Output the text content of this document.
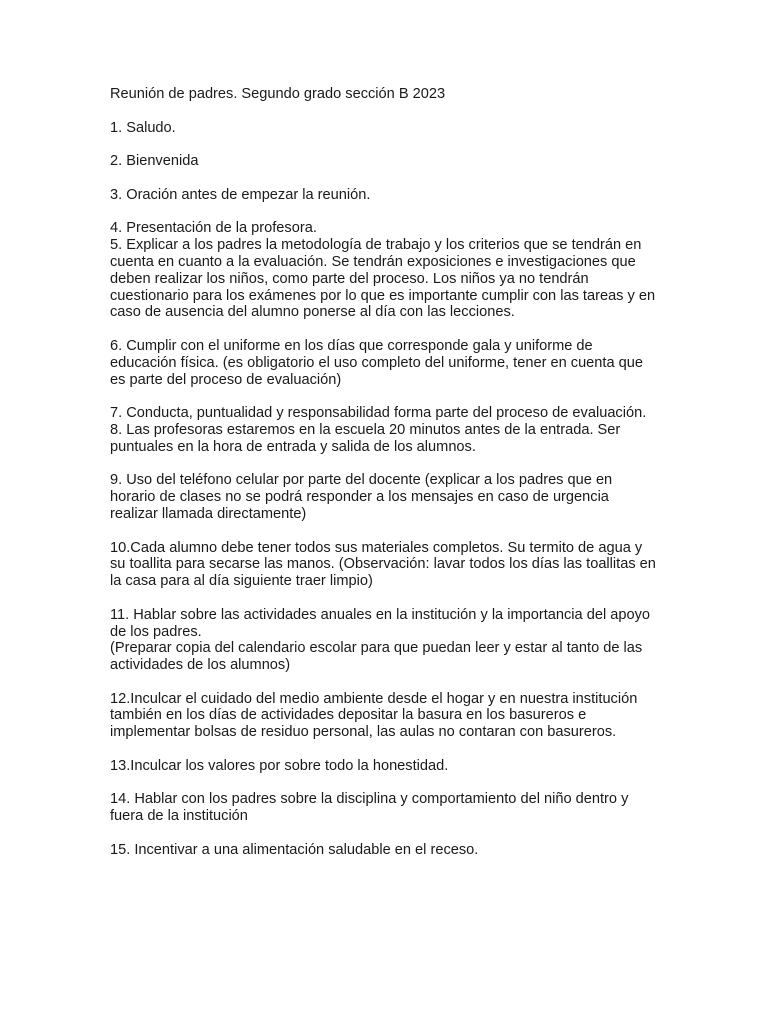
Reunión de padres. Segundo grado sección B 2023

1. Saludo.

2. Bienvenida

3. Oración antes de empezar la reunión.

4. Presentación de la profesora.

5. Explicar a los padres la metodología de trabajo y los criterios que se tendrán en cuenta en cuanto a la evaluación. Se tendrán exposiciones e investigaciones que deben realizar los niños, como parte del proceso. Los niños ya no tendrán cuestionario para los exámenes por lo que es importante cumplir con las tareas y en caso de ausencia del alumno ponerse al día con las lecciones.

6. Cumplir con el uniforme en los días que corresponde gala y uniforme de educación física. (es obligatorio el uso completo del uniforme, tener en cuenta que es parte del proceso de evaluación)

7. Conducta, puntualidad y responsabilidad forma parte del proceso de evaluación.

8. Las profesoras estaremos en la escuela 20 minutos antes de la entrada. Ser puntuales en la hora de entrada y salida de los alumnos.

9. Uso del teléfono celular por parte del docente (explicar a los padres que en horario de clases no se podrá responder a los mensajes en caso de urgencia realizar llamada directamente)

10.Cada alumno debe tener todos sus materiales completos. Su termito de agua y su toallita para secarse las manos. (Observación: lavar todos los días las toallitas en la casa para al día siguiente traer limpio)

11. Hablar sobre las actividades anuales en la institución y la importancia del apoyo de los padres.

(Preparar copia del calendario escolar para que puedan leer y estar al tanto de las actividades de los alumnos)

12.Inculcar el cuidado del medio ambiente desde el hogar y en nuestra institución también en los días de actividades depositar la basura en los basureros e implementar bolsas de residuo personal, las aulas no contaran con basureros.

13.Inculcar los valores por sobre todo la honestidad.

14. Hablar con los padres sobre la disciplina y comportamiento del niño dentro y fuera de la institución

15. Incentivar a una alimentación saludable en el receso.
